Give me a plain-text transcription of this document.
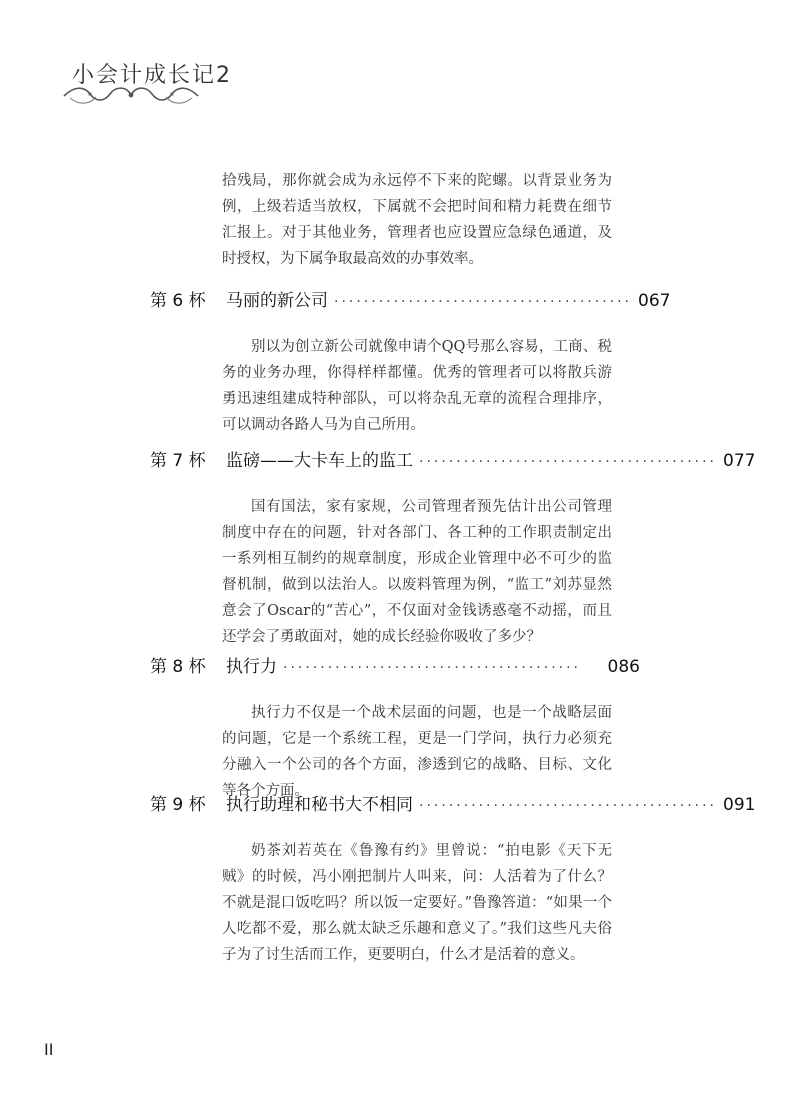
小会计成长记2

拾残局，那你就会成为永远停不下来的陀螺。以背景业务为例，上级若适当放权，下属就不会把时间和精力耗费在细节汇报上。对于其他业务，管理者也应设置应急绿色通道，及时授权，为下属争取最高效的办事效率。

第 6 杯	马丽的新公司 ········································ 067

别以为创立新公司就像申请个QQ号那么容易，工商、税务的业务办理，你得样样都懂。优秀的管理者可以将散兵游勇迅速组建成特种部队，可以将杂乱无章的流程合理排序，可以调动各路人马为自己所用。

第 7 杯	监磅——大卡车上的监工 ········································ 077

国有国法，家有家规，公司管理者预先估计出公司管理制度中存在的问题，针对各部门、各工种的工作职责制定出一系列相互制约的规章制度，形成企业管理中必不可少的监督机制，做到以法治人。以废料管理为例，“监工”刘苏显然意会了Oscar的“苦心”，不仅面对金钱诱惑毫不动摇，而且还学会了勇敢面对，她的成长经验你吸收了多少？

第 8 杯	执行力 ········································	086

执行力不仅是一个战术层面的问题，也是一个战略层面的问题，它是一个系统工程，更是一门学问，执行力必须充分融入一个公司的各个方面，渗透到它的战略、目标、文化等各个方面。

第 9 杯	执行助理和秘书大不相同 ········································ 091

奶茶刘若英在《鲁豫有约》里曾说：“拍电影《天下无贼》的时候，冯小刚把制片人叫来，问：人活着为了什么？不就是混口饭吃吗？所以饭一定要好。”鲁豫答道：“如果一个人吃都不爱，那么就太缺乏乐趣和意义了。”我们这些凡夫俗子为了讨生活而工作，更要明白，什么才是活着的意义。

II
